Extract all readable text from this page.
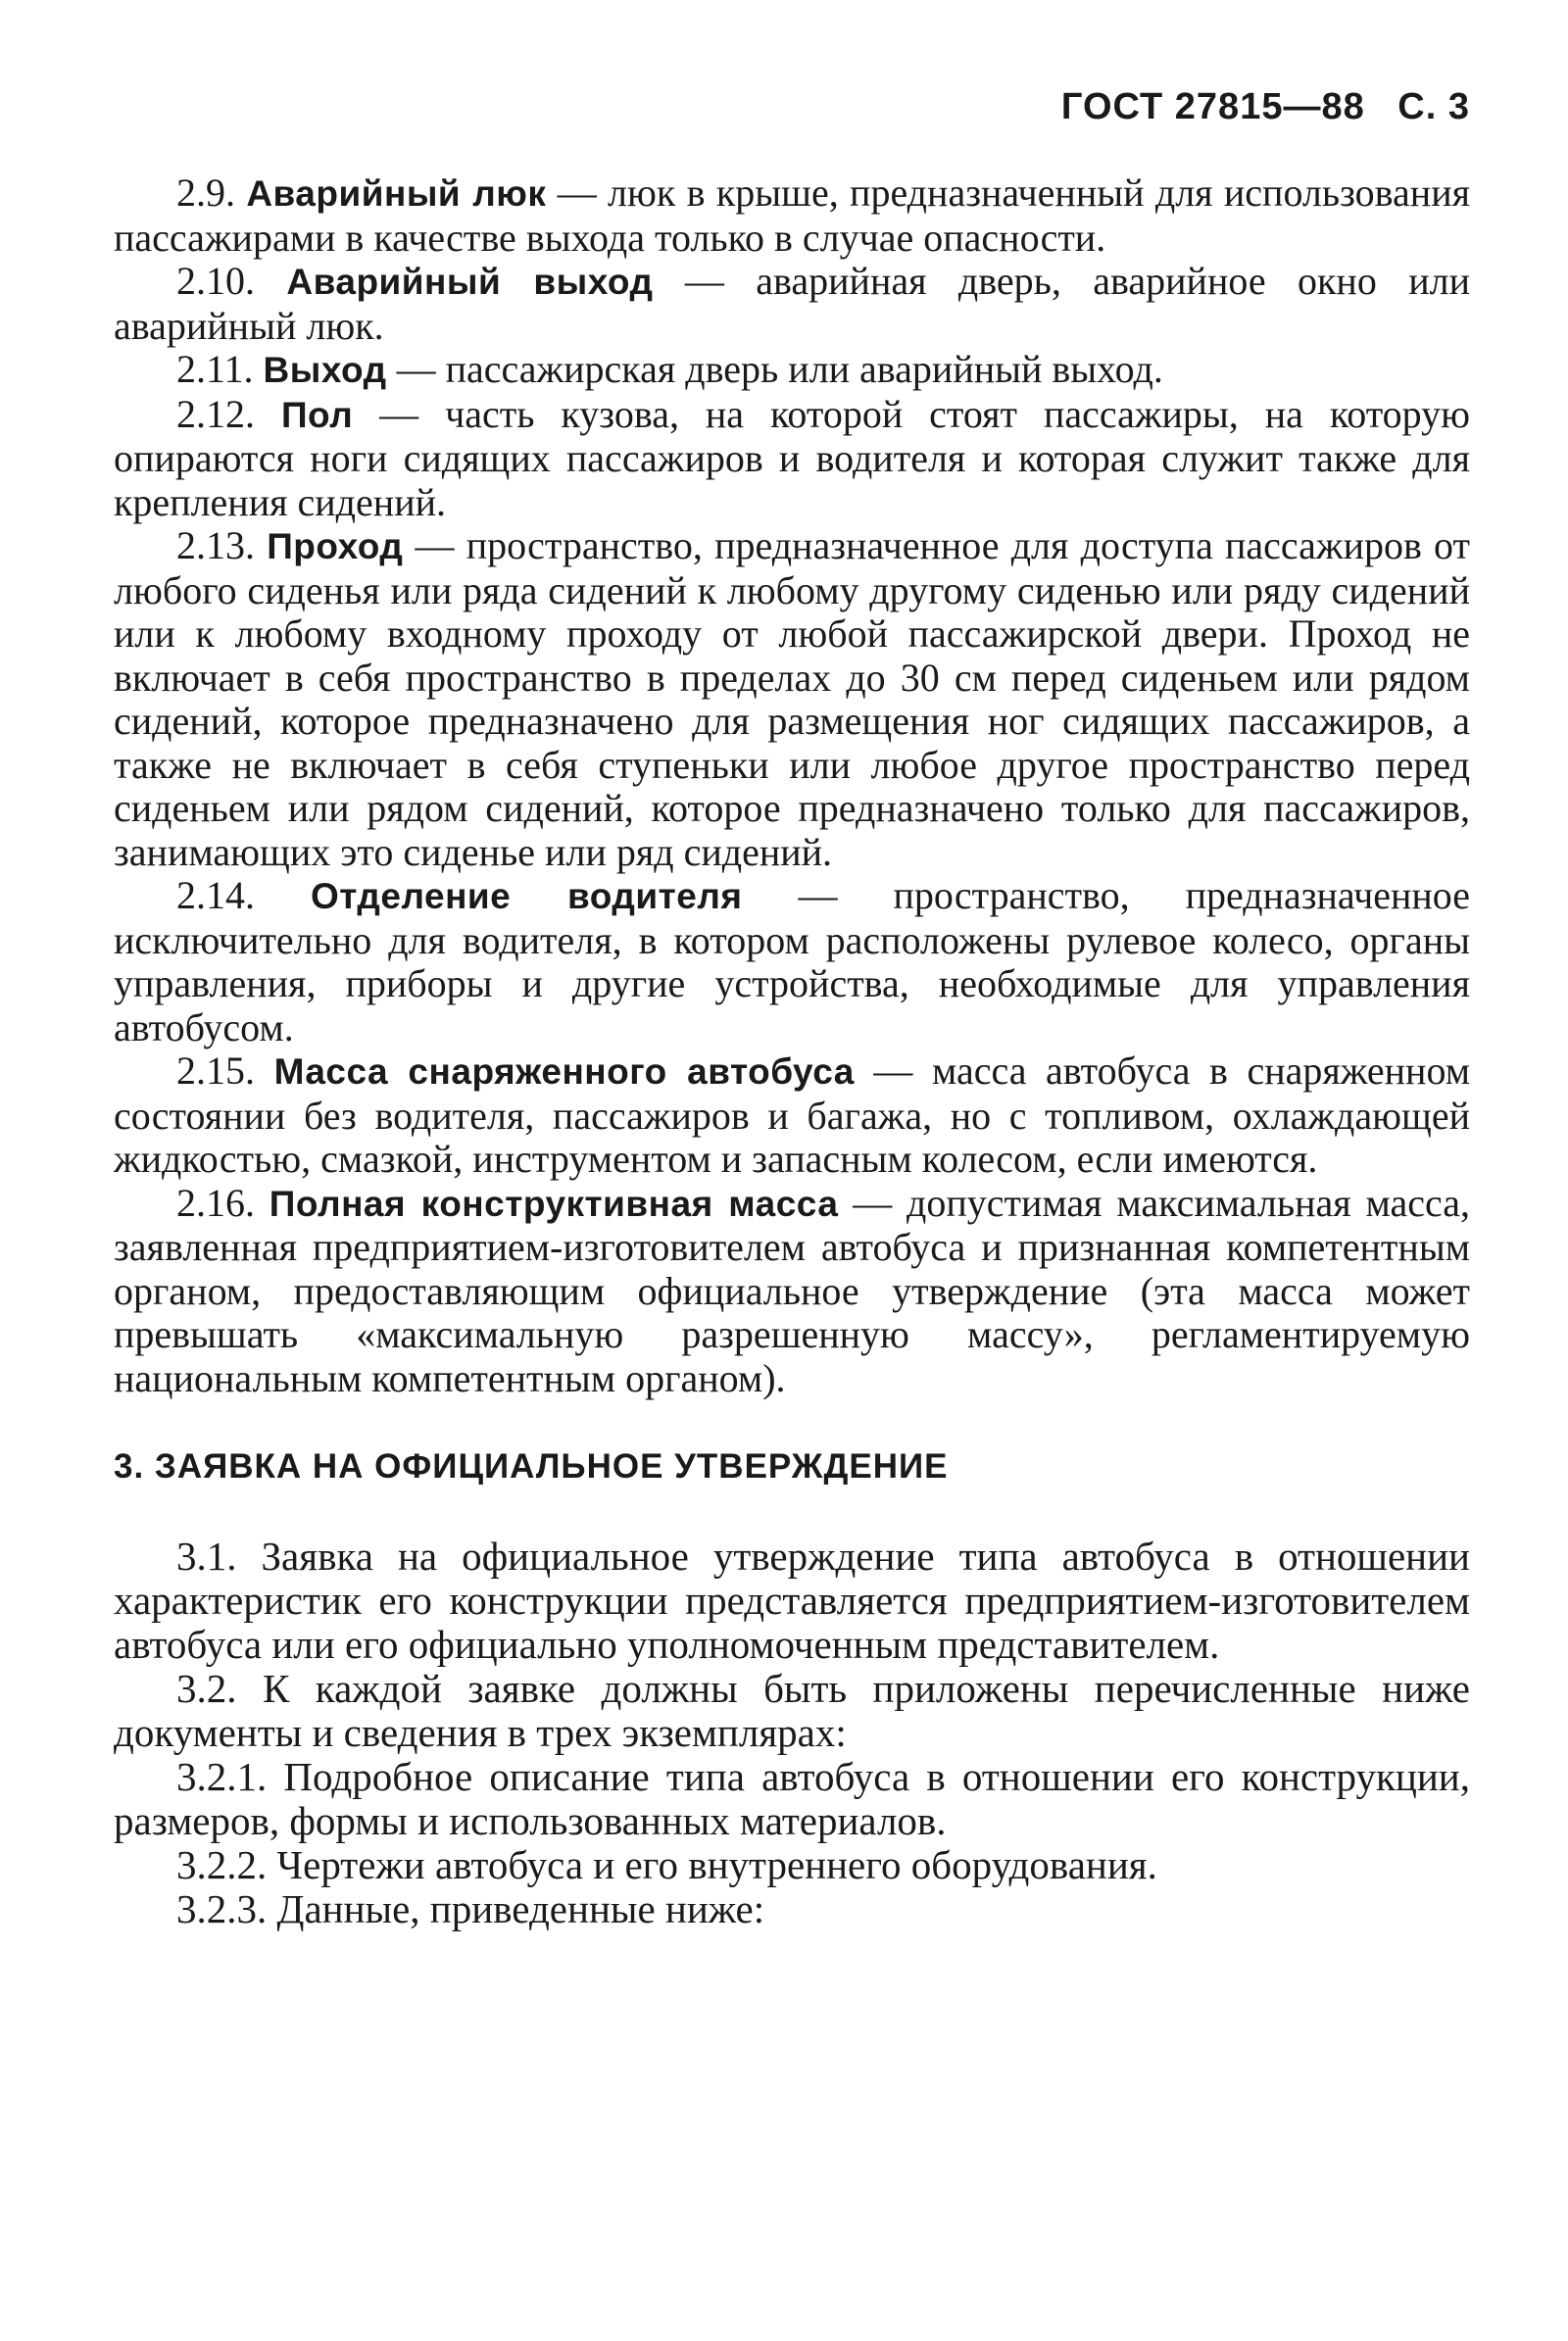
ГОСТ 27815—88 С. 3

2.9. Аварийный люк — люк в крыше, предназначенный для использования пассажирами в качестве выхода только в случае опасности.

2.10. Аварийный выход — аварийная дверь, аварийное окно или аварийный люк.

2.11. Выход — пассажирская дверь или аварийный выход.

2.12. Пол — часть кузова, на которой стоят пассажиры, на которую опираются ноги сидящих пассажиров и водителя и которая служит также для крепления сидений.

2.13. Проход — пространство, предназначенное для доступа пассажиров от любого сиденья или ряда сидений к любому другому сиденью или ряду сидений или к любому входному проходу от любой пассажирской двери. Проход не включает в себя пространство в пределах до 30 см перед сиденьем или рядом сидений, которое предназначено для размещения ног сидящих пассажиров, а также не включает в себя ступеньки или любое другое пространство перед сиденьем или рядом сидений, которое предназначено только для пассажиров, занимающих это сиденье или ряд сидений.

2.14. Отделение водителя — пространство, предназначенное исключительно для водителя, в котором расположены рулевое колесо, органы управления, приборы и другие устройства, необходимые для управления автобусом.

2.15. Масса снаряженного автобуса — масса автобуса в снаряженном состоянии без водителя, пассажиров и багажа, но с топливом, охлаждающей жидкостью, смазкой, инструментом и запасным колесом, если имеются.

2.16. Полная конструктивная масса — допустимая максимальная масса, заявленная предприятием-изготовителем автобуса и признанная компетентным органом, предоставляющим официальное утверждение (эта масса может превышать «максимальную разрешенную массу», регламентируемую национальным компетентным органом).

3. ЗАЯВКА НА ОФИЦИАЛЬНОЕ УТВЕРЖДЕНИЕ

3.1. Заявка на официальное утверждение типа автобуса в отношении характеристик его конструкции представляется предприятием-изготовителем автобуса или его официально уполномоченным представителем.

3.2. К каждой заявке должны быть приложены перечисленные ниже документы и сведения в трех экземплярах:

3.2.1. Подробное описание типа автобуса в отношении его конструкции, размеров, формы и использованных материалов.

3.2.2. Чертежи автобуса и его внутреннего оборудования.

3.2.3. Данные, приведенные ниже:
